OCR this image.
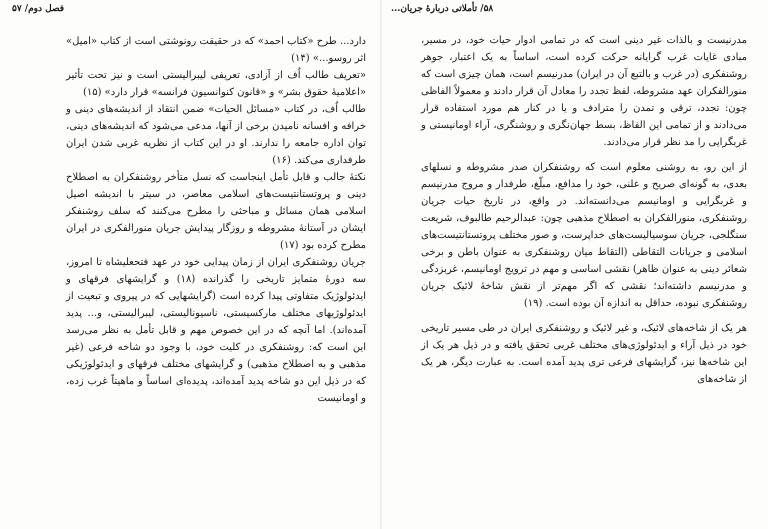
فصل دوم/ ۵۷

دارد... طرح «کتاب احمد» که در حقیقت رونوشتی است از کتاب «امیل» اثر روسو...» (۱۴)

«تعریف طالب اُف از آزادی، تعریفی لیبرالیستی است و نیز تحت تأثیر «اعلامیهٔ حقوق بشر» و «قانون کنوانسیون فرانسه» قرار دارد» (۱۵)

طالب اُف، در کتاب «مسائل الحیات» ضمن انتقاد از اندیشه‌های دینی و خرافه و افسانه نامیدن برخی از آنها، مدعی می‌شود که اندیشه‌های دینی، توان اداره جامعه را ندارند. او در این کتاب از نظریه غربی شدن ایران طرفداری می‌کند. (۱۶)

نکتهٔ جالب و قابل تأمل اینجاست که نسل متأخر روشنفکران به اصطلاح دینی و پروتستانتیست‌های اسلامی معاصر، در سیتر با اندیشه اصیل اسلامی همان مسائل و مباحثی را مطرح می‌کنند که سلف روشنفکر ایشان در آستانهٔ مشروطه و روزگار پیدایش جریان منورالفکری در ایران مطرح کرده بود (۱۷)

جریان روشنفکری ایران از زمان پیدایی خود در عهد فتحعلیشاه تا امروز، سه دورهٔ متمایز تاریخی را گذرانده (۱۸) و گرایشهای فرقهای و ایدئولوژیک متفاوتی پیدا کرده است (گرایشهایی که در پیروی و تبعیت از ایدئولوژیهای مختلف مارکسیستی، ناسیونالیستی، لیبرالیستی، و... پدید آمده‌اند). اما آنچه که در این خصوص مهم و قابل تأمل به نظر می‌رسد این است که: روشنفکری در کلیت خود، با وجود دو شاخه فرعی (غیر مذهبی و به اصطلاح مذهبی) و گرایشهای مختلف فرقهای و ایدئولوژیکی که در ذیل این دو شاخه پدید آمده‌اند، پدیده‌ای اساساً و ماهیتاً غرب زده، و اومانیست

۵۸/ تأملاتی دربارهٔ جریان...

مدرنیست و بالذات غیر دینی است که در تمامی ادوار حیات خود، در مسیر، مبادی غایات غرب گرایانه حرکت کرده است، اساساً به یک اعتبار، جوهر روشنفکری (در غرب و بالتبع آن در ایران) مدرنیسم است، همان چیزی است که منورالفکران عهد مشروطه، لفظ تجدد را معادل آن قرار دادند و معمولاً الفاظی چون: تجدد، ترقی و تمدن را مترادف و یا در کنار هم مورد استفاده قرار می‌دادند و از تمامی این الفاظ، بسط جهان‌نگری و روشنگری، آراء اومانیستی و غربگرایی را مد نظر قرار می‌دادند.

از این رو، به روشنی معلوم است که روشنفکران صدر مشروطه و نسلهای بعدی، به گونه‌ای صریح و علنی، خود را مدافع، مبلّغ، طرفدار و مروج مدرنیسم و غربگرایی و اومانیسم می‌دانسته‌اند. در واقع، در تاریخ حیات جریان روشنفکری، منورالفکران به اصطلاح مذهبی چون: عبدالرحیم طالبوف، شریعت سنگلجی، جریان سوسیالیست‌های خداپرست، و صور مختلف پروتستانتیست‌های اسلامی و جریانات التقاطی (التقاط میان روشنفکری به عنوان باطن و برخی شعائر دینی به عنوان ظاهر) نقشی اساسی و مهم در ترویج اومانیسم، غربزدگی و مدرنیسم داشته‌اند؛ نقشی که اگر مهم‌تر از نقش شاخهٔ لائیک جریان روشنفکری نبوده، حداقل به اندازه آن بوده است. (۱۹)

هر یک از شاخه‌های لائیک، و غیر لائیک و روشنفکری ایران در طی مسیر تاریخی خود در ذیل آراء و ایدئولوژی‌های مختلف غربی تحقق یافته و در ذیل هر یک از این شاخه‌ها نیز، گرایشهای فرعی تری پدید آمده است. به عبارت دیگر، هر یک از شاخه‌های
